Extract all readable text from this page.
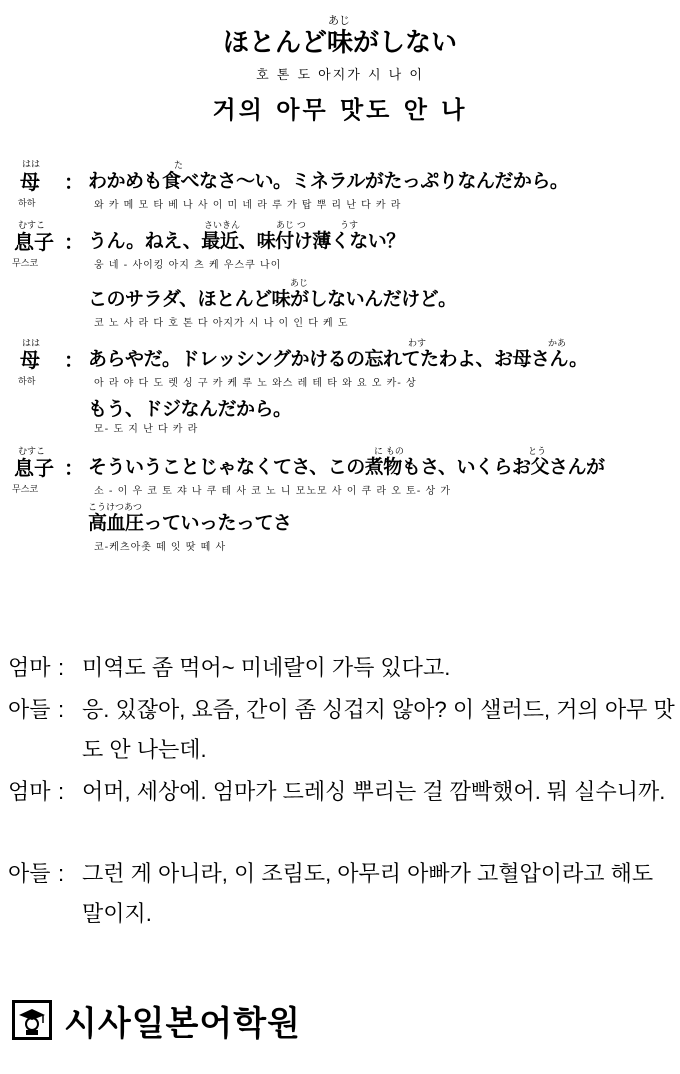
あじ
ほとんど味がしない
호 톤 도 아지가 시 나 이
거의 아무 맛도 안 나
はは
母
하하
：
た
わかめも食べなさ～い。ミネラルがたっぷりなんだから。
와 카 메 모 타 베 나 사 이 미 네 라 루 가 탑 뿌 리 난 다 카 라
むすこ
息子
무스코
：
さいきん	あじ つ	うす
うん。ねえ、最近、味付け薄くない？
웅 네 - 사이킹 아지 츠 케 우스쿠 나이
あじ
このサラダ、ほとんど味がしないんだけど。
코 노 사 라 다 호 톤 다 아지가 시 나 이 인 다 케 도
はは
母
하하
：
わす	かあ
あらやだ。ドレッシングかけるの忘れてたわよ、お母さん。
아 라 야 다 도 렛 싱 구 카 케 루 노 와스 레 테 타 와 요 오 카- 상
もう、ドジなんだから。
모- 도 지 난 다 카 라
むすこ
息子
무스코
：
に もの	とう
そういうことじゃなくてさ、この煮物もさ、いくらお父さんが
소 - 이 우 코 토 쟈 나 쿠 테 사 코 노 니 모노모 사 이 쿠 라 오 토- 상 가
こうけつあつ
高血圧っていったってさ
코-케츠아촛 떼 잇 땃 떼 사
엄마 : 미역도 좀 먹어~ 미네랄이 가득 있다고.
아들 : 응. 있잖아, 요즘, 간이 좀 싱겁지 않아? 이 샐러드, 거의 아무 맛도 안 나는데.
엄마 : 어머, 세상에. 엄마가 드레싱 뿌리는 걸 깜빡했어. 뭐 실수니까.
아들 : 그런 게 아니라, 이 조림도, 아무리 아빠가 고혈압이라고 해도 말이지.
시사일본어학원
